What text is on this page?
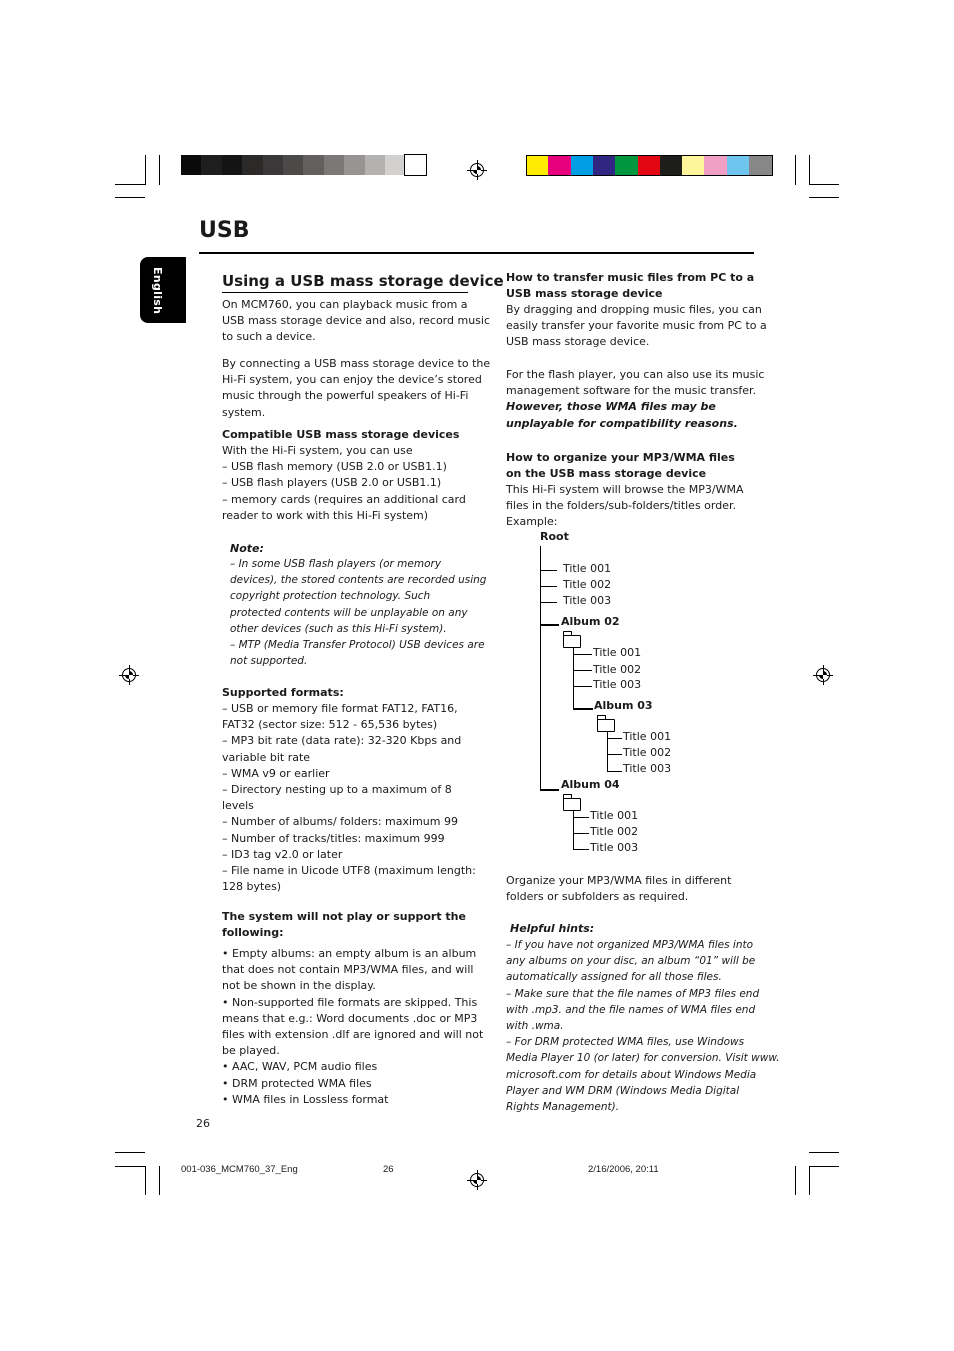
USB
English	Using a USB mass storage device
On MCM760, you can playback music from a
USB mass storage device and also, record music
to such a device.
By connecting a USB mass storage device to the
Hi-Fi system, you can enjoy the device’s stored
music through the powerful speakers of Hi-Fi
system.
Compatible USB mass storage devices
With the Hi-Fi system, you can use
– USB flash memory (USB 2.0 or USB1.1)
– USB flash players (USB 2.0 or USB1.1)
– memory cards (requires an additional card
reader to work with this Hi-Fi system)
Note:
– In some USB flash players (or memory
devices), the stored contents are recorded using
copyright protection technology. Such
protected contents will be unplayable on any
other devices (such as this Hi-Fi system).
– MTP (Media Transfer Protocol) USB devices are
not supported.
Supported formats:
– USB or memory file format FAT12, FAT16,
FAT32 (sector size: 512 - 65,536 bytes)
– MP3 bit rate (data rate): 32-320 Kbps and
variable bit rate
– WMA v9 or earlier
– Directory nesting up to a maximum of 8
levels
– Number of albums/ folders: maximum 99
– Number of tracks/titles: maximum 999
– ID3 tag v2.0 or later
– File name in Uicode UTF8 (maximum length:
128 bytes)
The system will not play or support the
following:
• Empty albums: an empty album is an album
that does not contain MP3/WMA files, and will
not be shown in the display.
• Non-supported file formats are skipped. This
means that e.g.: Word documents .doc or MP3
files with extension .dlf are ignored and will not
be played.
• AAC, WAV, PCM audio files
• DRM protected WMA files
• WMA files in Lossless format
26
How to transfer music files from PC to a
USB mass storage device
By dragging and dropping music files, you can
easily transfer your favorite music from PC to a
USB mass storage device.
For the flash player, you can also use its music
management software for the music transfer.
However, those WMA files may be
unplayable for compatibility reasons.
How to organize your MP3/WMA files
on the USB mass storage device
This Hi-Fi system will browse the MP3/WMA
files in the folders/sub-folders/titles order.
Example:
Root
Title 001
Title 002
Title 003
Album 02
Title 001
Title 002
Title 003
Album 03
Title 001
Title 002
Title 003
Album 04
Title 001
Title 002
Title 003
Organize your MP3/WMA files in different
folders or subfolders as required.
Helpful hints:
– If you have not organized MP3/WMA files into
any albums on your disc, an album “01” will be
automatically assigned for all those files.
– Make sure that the file names of MP3 files end
with .mp3. and the file names of WMA files end
with .wma.
– For DRM protected WMA files, use Windows
Media Player 10 (or later) for conversion. Visit www.
microsoft.com for details about Windows Media
Player and WM DRM (Windows Media Digital
Rights Management).
001-036_MCM760_37_Eng	26	2/16/2006, 20:11
